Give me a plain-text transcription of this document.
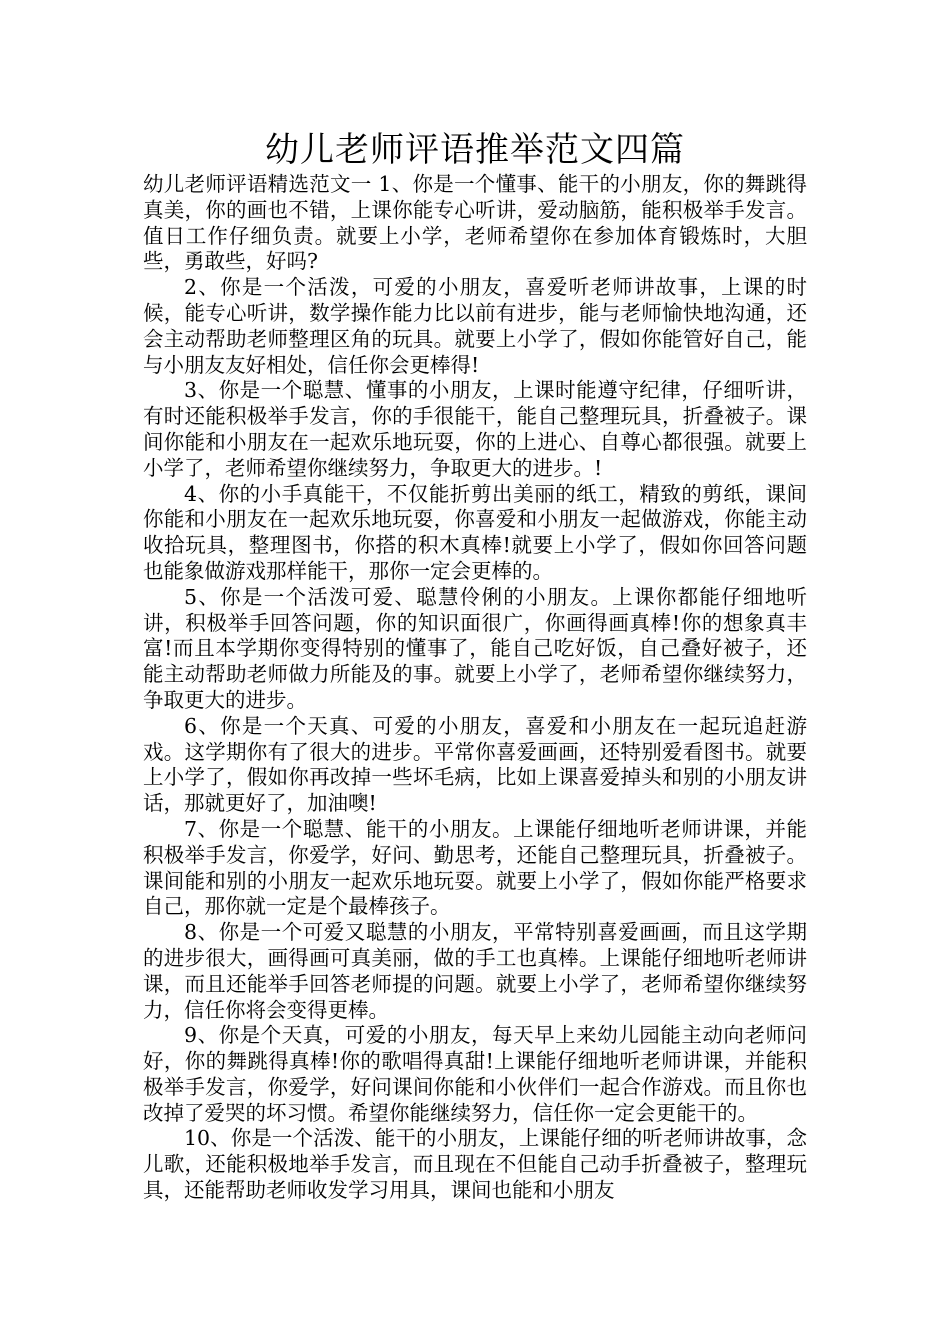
幼儿老师评语推举范文四篇

幼儿老师评语精选范文一 1、你是一个懂事、能干的小朋友，你的舞跳得真美，你的画也不错，上课你能专心听讲，爱动脑筋，能积极举手发言。值日工作仔细负责。就要上小学，老师希望你在参加体育锻炼时，大胆些，勇敢些，好吗?

2、你是一个活泼，可爱的小朋友，喜爱听老师讲故事，上课的时候，能专心听讲，数学操作能力比以前有进步，能与老师愉快地沟通，还会主动帮助老师整理区角的玩具。就要上小学了，假如你能管好自己，能与小朋友友好相处，信任你会更棒得!

3、你是一个聪慧、懂事的小朋友，上课时能遵守纪律，仔细听讲，有时还能积极举手发言，你的手很能干，能自己整理玩具，折叠被子。课间你能和小朋友在一起欢乐地玩耍，你的上进心、自尊心都很强。就要上小学了，老师希望你继续努力，争取更大的进步。!

4、你的小手真能干，不仅能折剪出美丽的纸工，精致的剪纸，课间你能和小朋友在一起欢乐地玩耍，你喜爱和小朋友一起做游戏，你能主动收拾玩具，整理图书，你搭的积木真棒!就要上小学了，假如你回答问题也能象做游戏那样能干，那你一定会更棒的。

5、你是一个活泼可爱、聪慧伶俐的小朋友。上课你都能仔细地听讲，积极举手回答问题，你的知识面很广，你画得画真棒!你的想象真丰富!而且本学期你变得特别的懂事了，能自己吃好饭，自己叠好被子，还能主动帮助老师做力所能及的事。就要上小学了，老师希望你继续努力，争取更大的进步。

6、你是一个天真、可爱的小朋友，喜爱和小朋友在一起玩追赶游戏。这学期你有了很大的进步。平常你喜爱画画，还特别爱看图书。就要上小学了，假如你再改掉一些坏毛病，比如上课喜爱掉头和别的小朋友讲话，那就更好了，加油噢!

7、你是一个聪慧、能干的小朋友。上课能仔细地听老师讲课，并能积极举手发言，你爱学，好问、勤思考，还能自己整理玩具，折叠被子。课间能和别的小朋友一起欢乐地玩耍。就要上小学了，假如你能严格要求自己，那你就一定是个最棒孩子。

8、你是一个可爱又聪慧的小朋友，平常特别喜爱画画，而且这学期的进步很大，画得画可真美丽，做的手工也真棒。上课能仔细地听老师讲课，而且还能举手回答老师提的问题。就要上小学了，老师希望你继续努力，信任你将会变得更棒。

9、你是个天真，可爱的小朋友，每天早上来幼儿园能主动向老师问好，你的舞跳得真棒!你的歌唱得真甜!上课能仔细地听老师讲课，并能积极举手发言，你爱学，好问课间你能和小伙伴们一起合作游戏。而且你也改掉了爱哭的坏习惯。希望你能继续努力，信任你一定会更能干的。

10、你是一个活泼、能干的小朋友，上课能仔细的听老师讲故事，念儿歌，还能积极地举手发言，而且现在不但能自己动手折叠被子，整理玩具，还能帮助老师收发学习用具，课间也能和小朋友
